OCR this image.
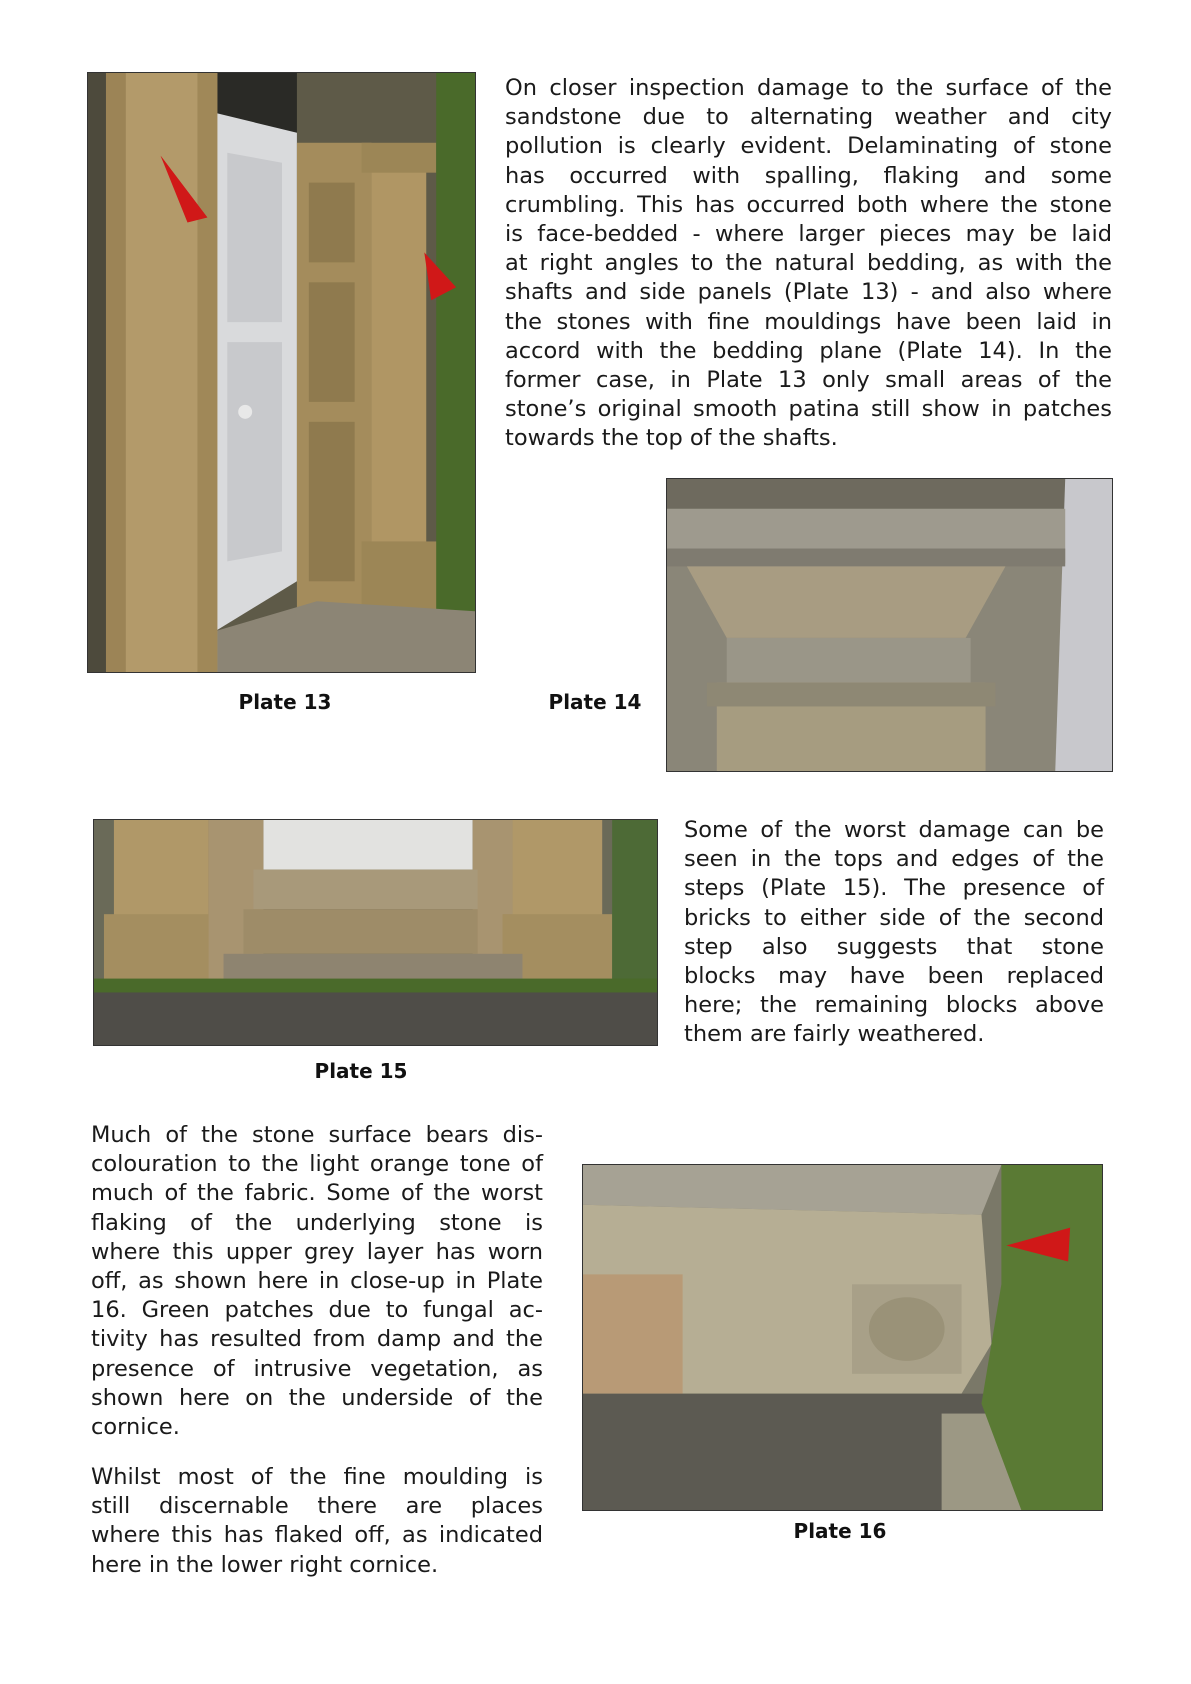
On closer inspection damage to the surface of the
sandstone due to alternating weather and city
pollution is clearly evident. Delaminating of stone
has occurred with spalling, flaking and some
crumbling. This has occurred both where the stone
is face-bedded - where larger pieces may be laid
at right angles to the natural bedding, as with the
shafts and side panels (Plate 13) - and also where
the stones with fine mouldings have been laid in
accord with the bedding plane (Plate 14). In the
former case, in Plate 13 only small areas of the
stone’s original smooth patina still show in patches
towards the top of the shafts.
Plate 13	Plate 14
Some of the worst damage can be
seen in the tops and edges of the
steps (Plate 15). The presence of
bricks to either side of the second
step also suggests that stone
blocks may have been replaced
here; the remaining blocks above
them are fairly weathered.
Plate 15
Much of the stone surface bears dis-
colouration to the light orange tone of
much of the fabric. Some of the worst
flaking of the underlying stone is
where this upper grey layer has worn
off, as shown here in close-up in Plate
16. Green patches due to fungal ac-
tivity has resulted from damp and the
presence of intrusive vegetation, as
shown here on the underside of the
cornice.
Whilst most of the fine moulding is
still discernable there are places
where this has flaked off, as indicated
here in the lower right cornice.
Plate 16
